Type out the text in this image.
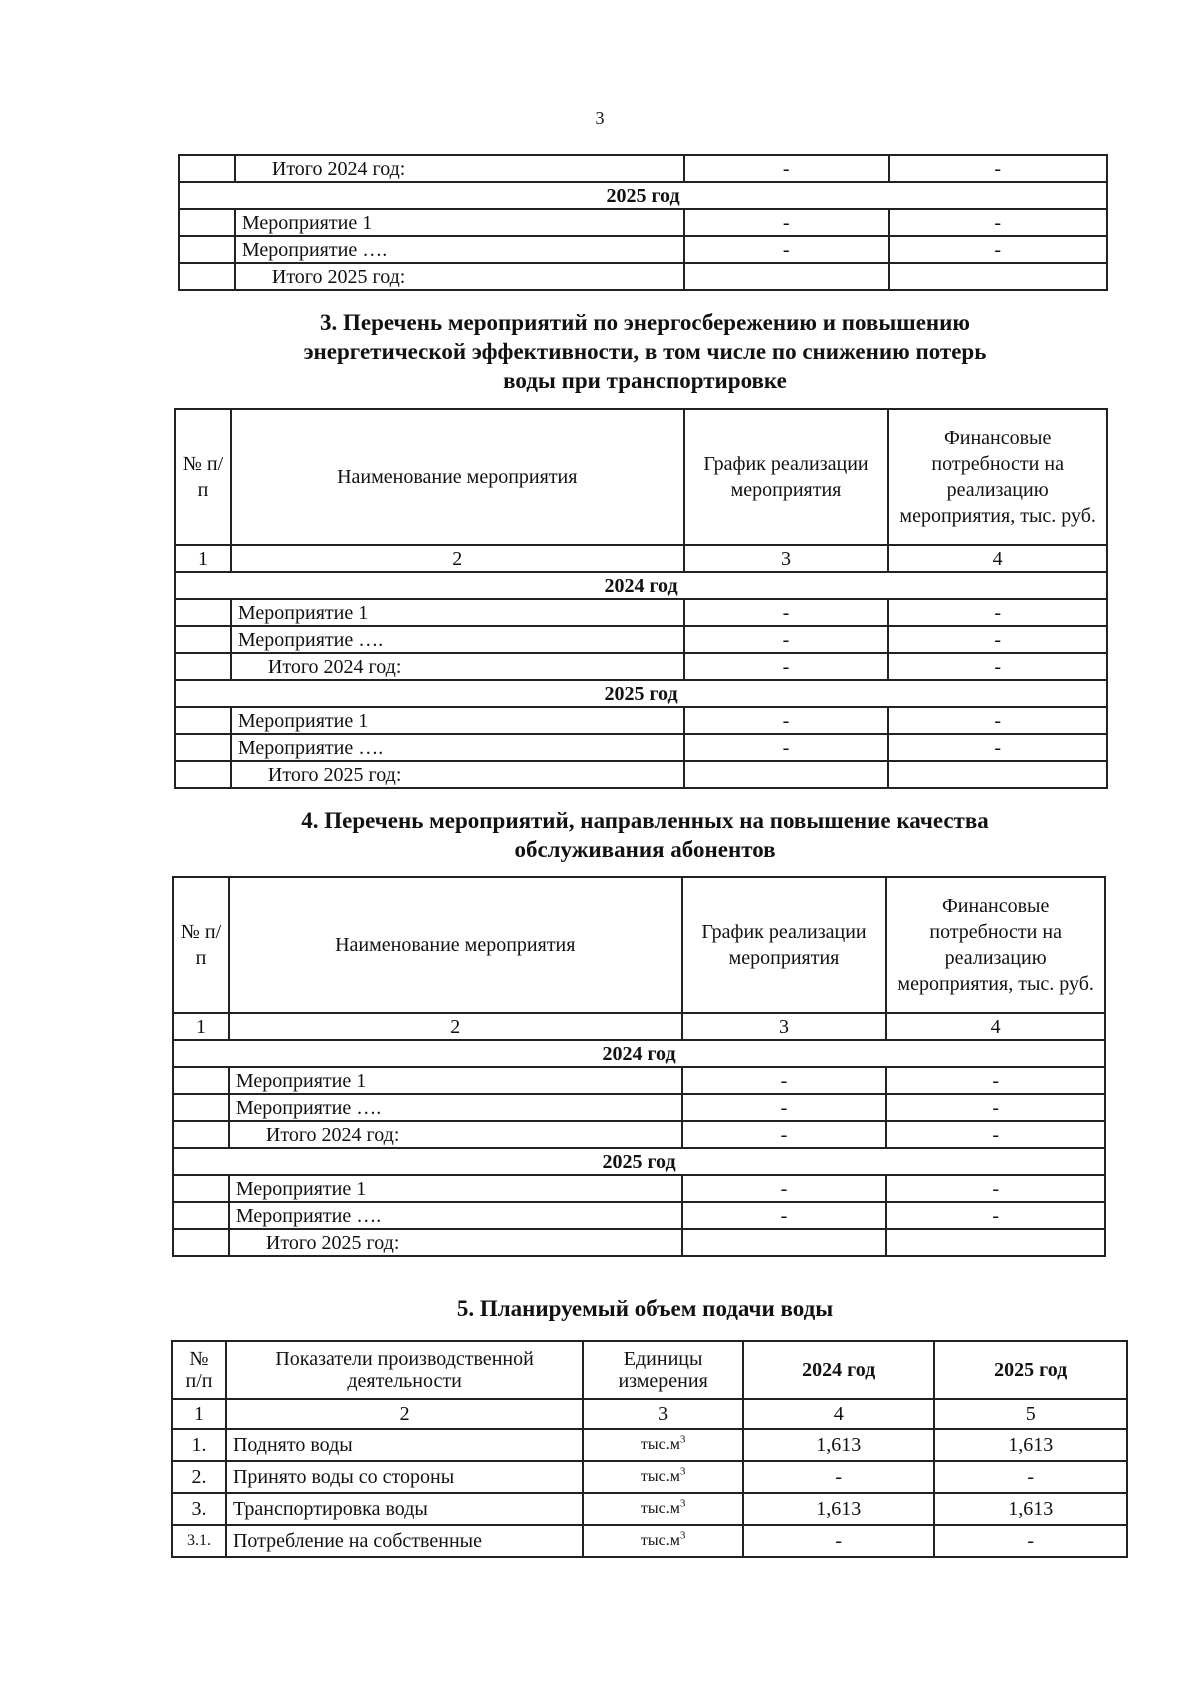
3
	Итого 2024 год:	-	-
2025 год			
	Мероприятие 1	-	-
	Мероприятие ….	-	-
	Итого 2025 год:		
3. Перечень мероприятий по энергосбережению и повышению
энергетической эффективности, в том числе по снижению потерь
воды при транспортировке
№ п/п	Наименование мероприятия	График реализации мероприятия	Финансовые потребности на реализацию мероприятия, тыс. руб.
1	2	3	4
2024 год			
	Мероприятие 1	-	-
	Мероприятие ….	-	-
	Итого 2024 год:	-	-
2025 год			
	Мероприятие 1	-	-
	Мероприятие ….	-	-
	Итого 2025 год:		
4. Перечень мероприятий, направленных на повышение качества
обслуживания абонентов
№ п/п	Наименование мероприятия	График реализации мероприятия	Финансовые потребности на реализацию мероприятия, тыс. руб.
1	2	3	4
2024 год			
	Мероприятие 1	-	-
	Мероприятие ….	-	-
	Итого 2024 год:	-	-
2025 год			
	Мероприятие 1	-	-
	Мероприятие ….	-	-
	Итого 2025 год:		
5. Планируемый объем подачи воды
№ п/п	Показатели производственной деятельности	Единицы измерения	2024 год	2025 год
1	2	3	4	5
1.	Поднято воды	$тыс.м^3$	1,613	1,613
2.	Принято воды со стороны	$тыс.м^3$	-	-
3.	Транспортировка воды	$тыс.м^3$	1,613	1,613
3.1.	Потребление на собственные	$тыс.м^3$	-	-
